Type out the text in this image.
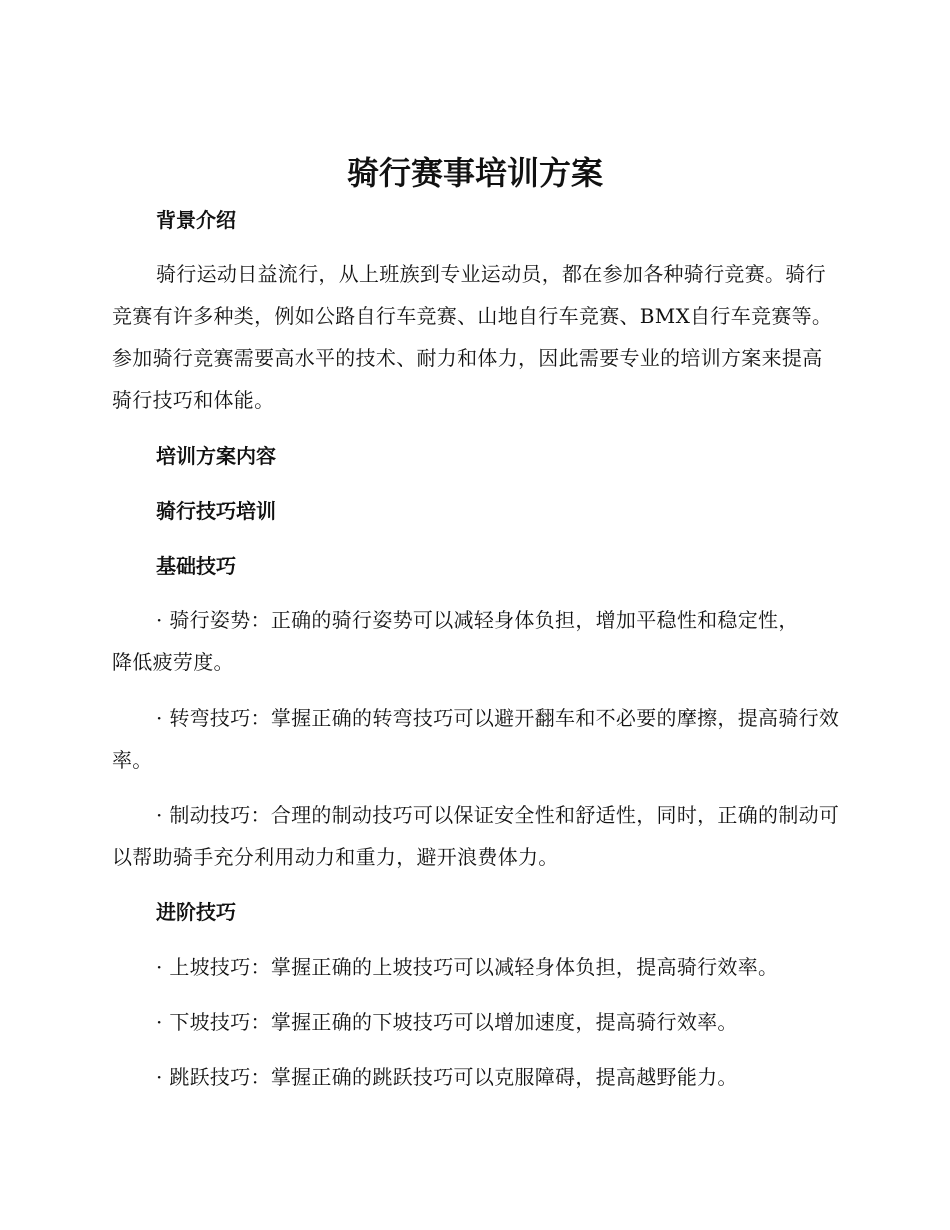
骑行赛事培训方案
背景介绍

骑行运动日益流行，从上班族到专业运动员，都在参加各种骑行竞赛。骑行竞赛有许多种类，例如公路自行车竞赛、山地自行车竞赛、BMX自行车竞赛等。参加骑行竞赛需要高水平的技术、耐力和体力，因此需要专业的培训方案来提高骑行技巧和体能。

培训方案内容
骑行技巧培训
基础技巧

· 骑行姿势：正确的骑行姿势可以减轻身体负担，增加平稳性和稳定性，降低疲劳度。

· 转弯技巧：掌握正确的转弯技巧可以避开翻车和不必要的摩擦，提高骑行效率。

· 制动技巧：合理的制动技巧可以保证安全性和舒适性，同时，正确的制动可以帮助骑手充分利用动力和重力，避开浪费体力。

进阶技巧

· 上坡技巧：掌握正确的上坡技巧可以减轻身体负担，提高骑行效率。

· 下坡技巧：掌握正确的下坡技巧可以增加速度，提高骑行效率。

· 跳跃技巧：掌握正确的跳跃技巧可以克服障碍，提高越野能力。
